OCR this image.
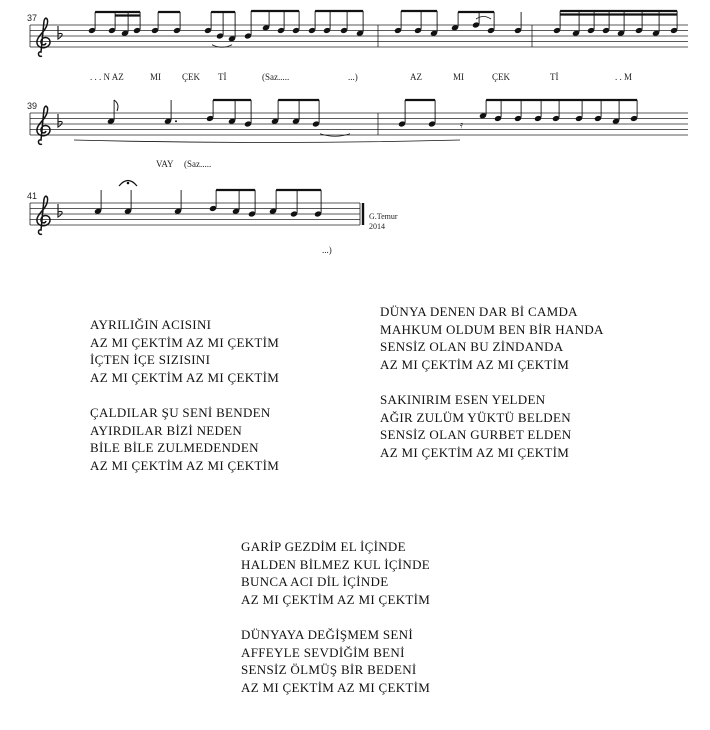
37
. . . N AZ	MI ÇEK Tİ	(Saz.....	...)	AZ	MI	ÇEK	Tİ	. . M
39
𝄿
VAY (Saz.....
41
...)
G.Temur
2014

AYRILIĞIN ACISINI

AZ MI ÇEKTİM AZ MI ÇEKTİM

İÇTEN İÇE SIZISINI

AZ MI ÇEKTİM AZ MI ÇEKTİM

ÇALDILAR ŞU SENİ BENDEN

AYIRDILAR BİZİ NEDEN

BİLE BİLE ZULMEDENDEN

AZ MI ÇEKTİM AZ MI ÇEKTİM

DÜNYA DENEN DAR Bİ CAMDA

MAHKUM OLDUM BEN BİR HANDA

SENSİZ OLAN BU ZİNDANDA

AZ MI ÇEKTİM AZ MI ÇEKTİM

SAKINIRIM ESEN YELDEN

AĞIR ZULÜM YÜKTÜ BELDEN

SENSİZ OLAN GURBET ELDEN

AZ MI ÇEKTİM AZ MI ÇEKTİM

GARİP GEZDİM EL İÇİNDE

HALDEN BİLMEZ KUL İÇİNDE

BUNCA ACI DİL İÇİNDE

AZ MI ÇEKTİM AZ MI ÇEKTİM

DÜNYAYA DEĞİŞMEM SENİ

AFFEYLE SEVDİĞİM BENİ

SENSİZ ÖLMÜŞ BİR BEDENİ

AZ MI ÇEKTİM AZ MI ÇEKTİM
